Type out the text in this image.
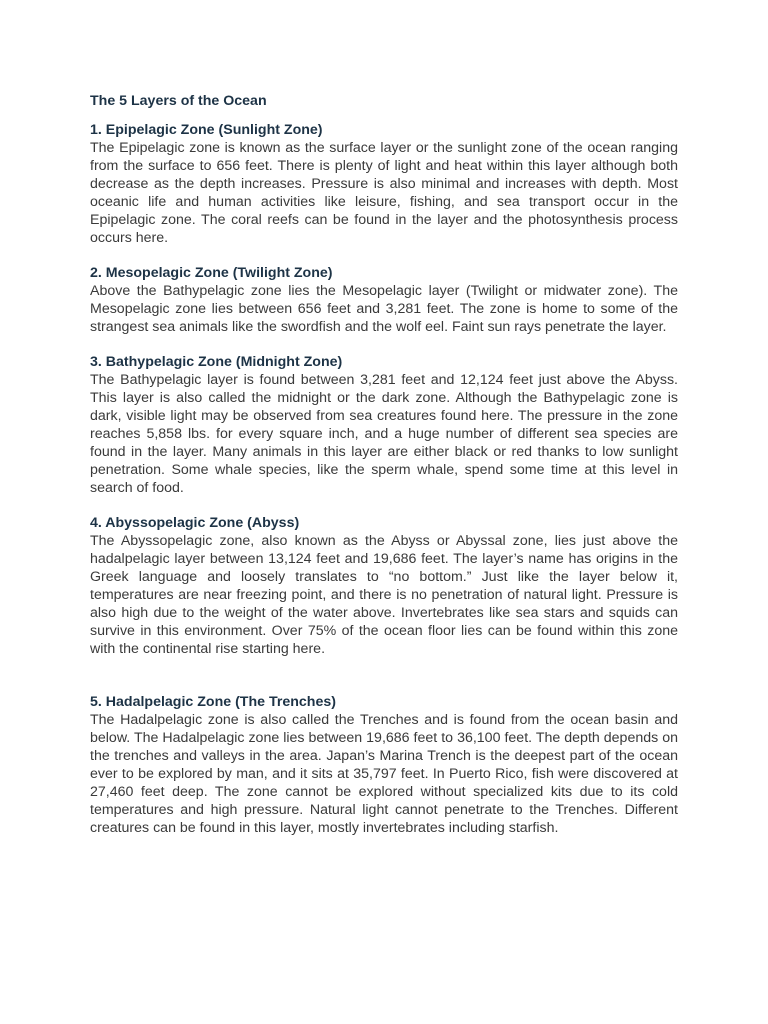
The 5 Layers of the Ocean
1. Epipelagic Zone (Sunlight Zone)

The Epipelagic zone is known as the surface layer or the sunlight zone of the ocean ranging from the surface to 656 feet. There is plenty of light and heat within this layer although both decrease as the depth increases. Pressure is also minimal and increases with depth. Most oceanic life and human activities like leisure, fishing, and sea transport occur in the Epipelagic zone. The coral reefs can be found in the layer and the photosynthesis process occurs here.

2. Mesopelagic Zone (Twilight Zone)

Above the Bathypelagic zone lies the Mesopelagic layer (Twilight or midwater zone). The Mesopelagic zone lies between 656 feet and 3,281 feet. The zone is home to some of the strangest sea animals like the swordfish and the wolf eel. Faint sun rays penetrate the layer.

3. Bathypelagic Zone (Midnight Zone)

The Bathypelagic layer is found between 3,281 feet and 12,124 feet just above the Abyss. This layer is also called the midnight or the dark zone. Although the Bathypelagic zone is dark, visible light may be observed from sea creatures found here. The pressure in the zone reaches 5,858 lbs. for every square inch, and a huge number of different sea species are found in the layer. Many animals in this layer are either black or red thanks to low sunlight penetration. Some whale species, like the sperm whale, spend some time at this level in search of food.

4. Abyssopelagic Zone (Abyss)

The Abyssopelagic zone, also known as the Abyss or Abyssal zone, lies just above the hadalpelagic layer between 13,124 feet and 19,686 feet. The layer’s name has origins in the Greek language and loosely translates to “no bottom.” Just like the layer below it, temperatures are near freezing point, and there is no penetration of natural light. Pressure is also high due to the weight of the water above. Invertebrates like sea stars and squids can survive in this environment. Over 75% of the ocean floor lies can be found within this zone with the continental rise starting here.

5. Hadalpelagic Zone (The Trenches)

The Hadalpelagic zone is also called the Trenches and is found from the ocean basin and below. The Hadalpelagic zone lies between 19,686 feet to 36,100 feet. The depth depends on the trenches and valleys in the area. Japan’s Marina Trench is the deepest part of the ocean ever to be explored by man, and it sits at 35,797 feet. In Puerto Rico, fish were discovered at 27,460 feet deep. The zone cannot be explored without specialized kits due to its cold temperatures and high pressure. Natural light cannot penetrate to the Trenches. Different creatures can be found in this layer, mostly invertebrates including starfish.
